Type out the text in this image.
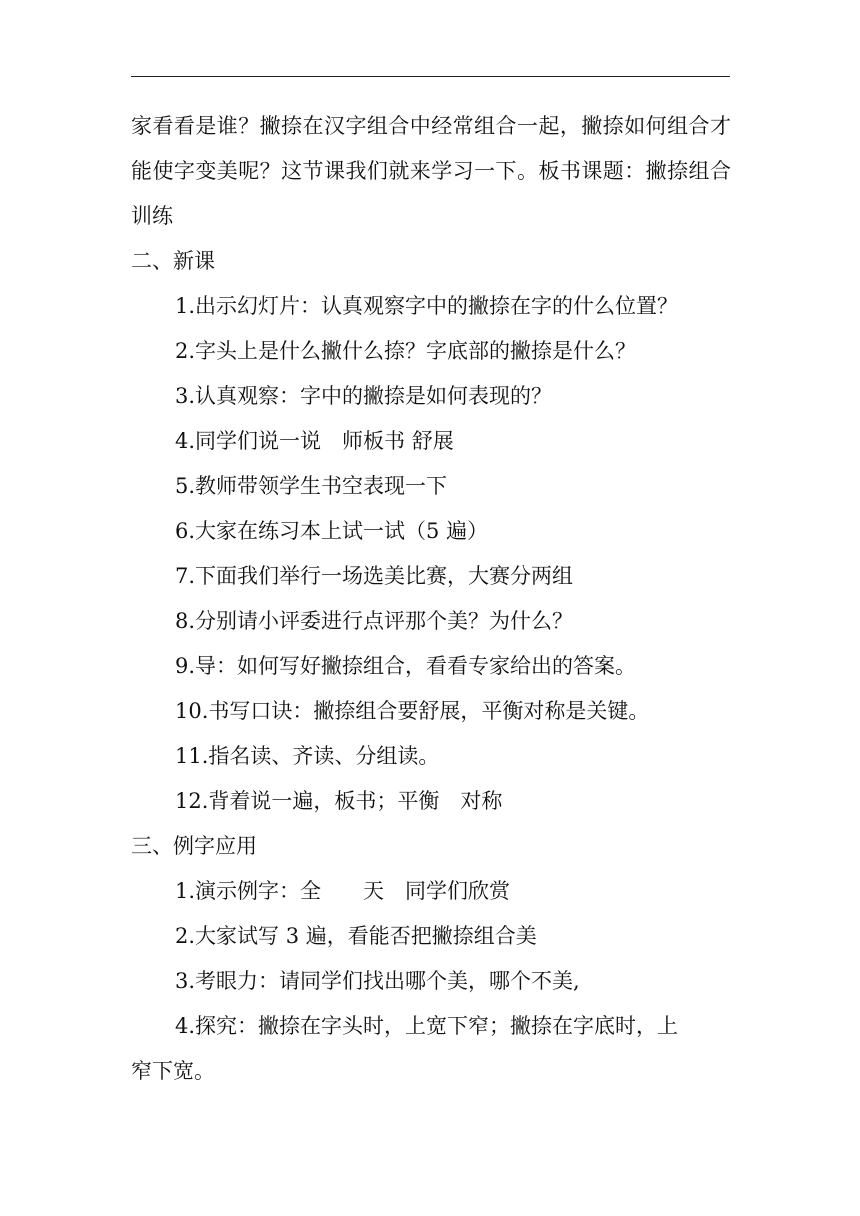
家看看是谁？撇捺在汉字组合中经常组合一起，撇捺如何组合才能使字变美呢？这节课我们就来学习一下。板书课题：撇捺组合训练

二、新课

1.出示幻灯片：认真观察字中的撇捺在字的什么位置？

2.字头上是什么撇什么捺？字底部的撇捺是什么？

3.认真观察：字中的撇捺是如何表现的？

4.同学们说一说　师板书 舒展

5.教师带领学生书空表现一下

6.大家在练习本上试一试（5 遍）

7.下面我们举行一场选美比赛，大赛分两组

8.分别请小评委进行点评那个美？为什么？

9.导：如何写好撇捺组合，看看专家给出的答案。

10.书写口诀：撇捺组合要舒展，平衡对称是关键。

11.指名读、齐读、分组读。

12.背着说一遍，板书；平衡　对称

三、例字应用

1.演示例字：全　　天　同学们欣赏

2.大家试写 3 遍，看能否把撇捺组合美

3.考眼力：请同学们找出哪个美，哪个不美,

4.探究：撇捺在字头时，上宽下窄；撇捺在字底时，上
窄下宽。
